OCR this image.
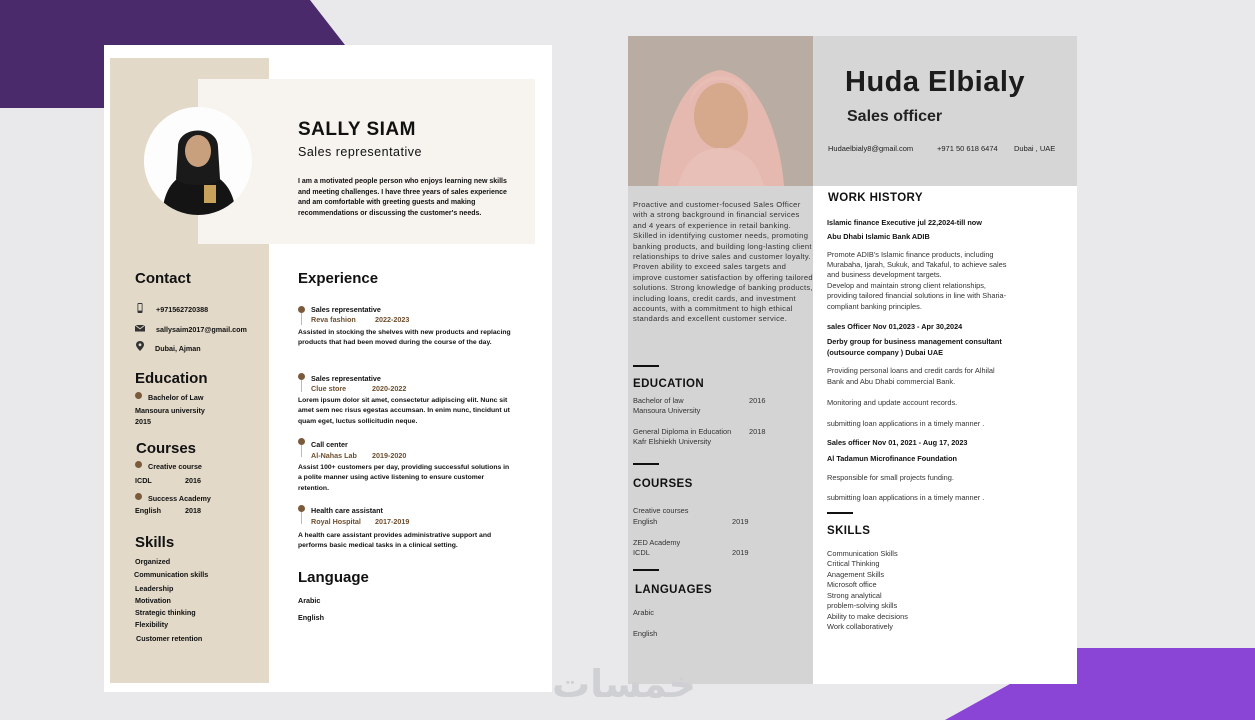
SALLY SIAM
Sales representative
I am a motivated people person who enjoys learning new skills and meeting challenges. I have three years of sales experience and am comfortable with greeting guests and making recommendations or discussing the customer's needs.
Contact
+971562720388
sallysaim2017@gmail.com
Dubai, Ajman
Education
Bachelor of Law
Mansoura university
2015
Courses
Creative course
ICDL	2016
Success Academy
English	2018
Skills
Organized
Communication skills
Leadership
Motivation
Strategic thinking
Flexibility
Customer retention
Experience
Sales representative
Reva fashion	2022-2023
Assisted in stocking the shelves with new products and replacing products that had been moved during the course of the day.
Sales representative
Clue store	2020-2022
Lorem ipsum dolor sit amet, consectetur adipiscing elit. Nunc sit amet sem nec risus egestas accumsan. In enim nunc, tincidunt ut quam eget, luctus sollicitudin neque.
Call center
Al-Nahas Lab 2019-2020
Assist 100+ customers per day, providing successful solutions in a polite manner using active listening to ensure customer retention.
Health care assistant
Royal Hospital 2017-2019
A health care assistant provides administrative support and performs basic medical tasks in a clinical setting.
Language
Arabic
English
Huda Elbialy
Sales officer
Hudaelbialy8@gmail.com	+971 50 618 6474 Dubai , UAE
Proactive and customer-focused Sales Officer with a strong background in financial services and 4 years of experience in retail banking. Skilled in identifying customer needs, promoting banking products, and building long-lasting client relationships to drive sales and customer loyalty. Proven ability to exceed sales targets and improve customer satisfaction by offering tailored solutions. Strong knowledge of banking products, including loans, credit cards, and investment accounts, with a commitment to high ethical standards and excellent customer service.
EDUCATION
Bachelor of law
Mansoura University
2016
General Diploma in Education
Kafr Elshiekh University
2018
COURSES
Creative courses
English	2019
ZED Academy
ICDL	2019
LANGUAGES
Arabic
English
WORK HISTORY
Islamic finance Executive jul 22,2024-till now
Abu Dhabi Islamic Bank ADIB
Promote ADIB's Islamic finance products, including
Murabaha, Ijarah, Sukuk, and Takaful, to achieve sales
and business development targets.
Develop and maintain strong client relationships,
providing tailored financial solutions in line with Sharia-
compliant banking principles.
sales Officer Nov 01,2023 - Apr 30,2024
Derby group for business management consultant
(outsource company ) Dubai UAE
Providing personal loans and credit cards for Alhilal
Bank and Abu Dhabi commercial Bank.
Monitoring and update account records.
submitting loan applications in a timely manner .
Sales officer Nov 01, 2021 - Aug 17, 2023
Al Tadamun Microfinance Foundation
Responsible for small projects funding.
submitting loan applications in a timely manner .
SKILLS
Communication Skills
Critical Thinking
Anagement Skills
Microsoft office
Strong analytical
problem-solving skills
Ability to make decisions
Work collaboratively
خمسات
